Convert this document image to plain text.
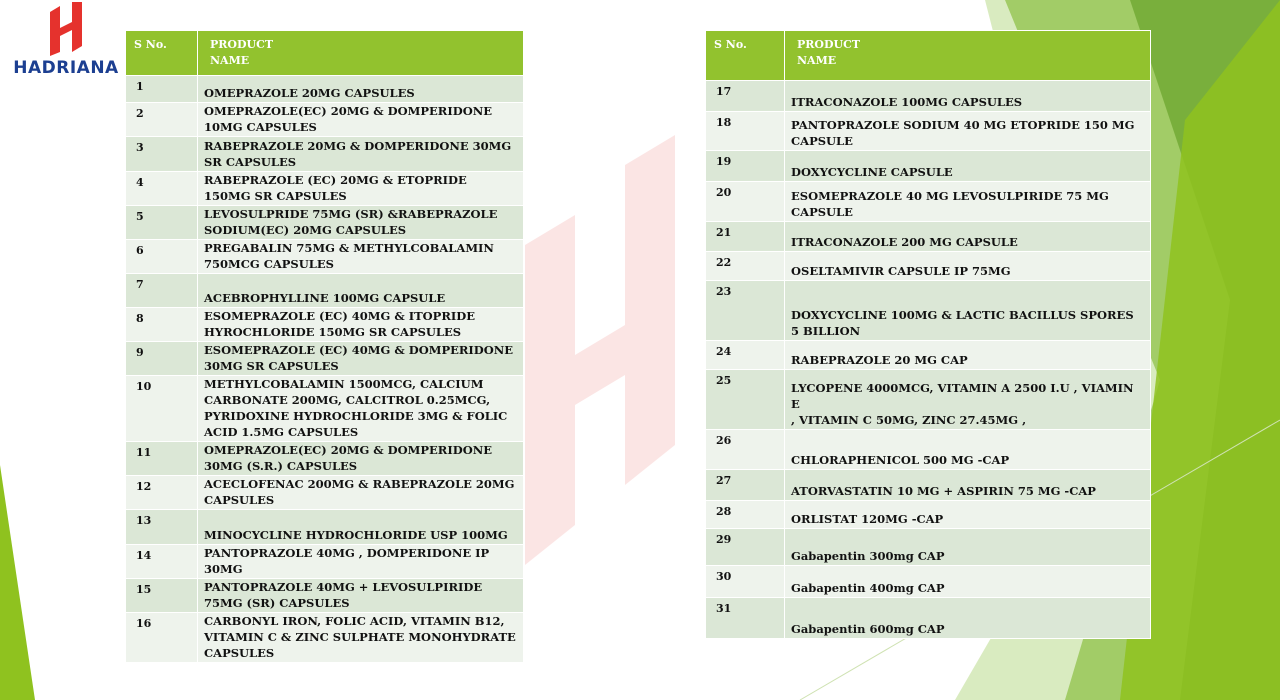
HADRIANA
S No.	PRODUCT
NAME
1	OMEPRAZOLE 20MG CAPSULES
2	OMEPRAZOLE(EC) 20MG & DOMPERIDONE 10MG CAPSULES
3	RABEPRAZOLE 20MG & DOMPERIDONE 30MG SR CAPSULES
4	RABEPRAZOLE (EC) 20MG & ETOPRIDE 150MG SR CAPSULES
5	LEVOSULPRIDE 75MG (SR) &RABEPRAZOLE SODIUM(EC) 20MG CAPSULES
6	PREGABALIN 75MG & METHYLCOBALAMIN 750MCG CAPSULES
7	ACEBROPHYLLINE 100MG CAPSULE
8	ESOMEPRAZOLE (EC) 40MG & ITOPRIDE HYROCHLORIDE 150MG SR CAPSULES
9	ESOMEPRAZOLE (EC) 40MG & DOMPERIDONE 30MG SR CAPSULES
10	METHYLCOBALAMIN 1500MCG, CALCIUM CARBONATE 200MG, CALCITROL 0.25MCG, PYRIDOXINE HYDROCHLORIDE 3MG & FOLIC ACID 1.5MG CAPSULES
11	OMEPRAZOLE(EC) 20MG & DOMPERIDONE 30MG (S.R.) CAPSULES
12	ACECLOFENAC 200MG & RABEPRAZOLE 20MG CAPSULES
13	MINOCYCLINE HYDROCHLORIDE USP 100MG
14	PANTOPRAZOLE 40MG , DOMPERIDONE IP 30MG
15	PANTOPRAZOLE 40MG + LEVOSULPIRIDE 75MG (SR) CAPSULES
16	CARBONYL IRON, FOLIC ACID, VITAMIN B12, VITAMIN C & ZINC SULPHATE MONOHYDRATE CAPSULES
S No.	PRODUCT
NAME
17	ITRACONAZOLE 100MG CAPSULES
18	PANTOPRAZOLE SODIUM 40 MG ETOPRIDE 150 MG CAPSULE
19	DOXYCYCLINE CAPSULE
20	ESOMEPRAZOLE 40 MG LEVOSULPIRIDE 75 MG CAPSULE
21	ITRACONAZOLE 200 MG CAPSULE
22	OSELTAMIVIR CAPSULE IP 75MG
23	DOXYCYCLINE 100MG & LACTIC BACILLUS SPORES
5 BILLION
24	RABEPRAZOLE 20 MG CAP
25	LYCOPENE 4000MCG, VITAMIN A 2500 I.U , VIAMIN E
, VITAMIN C 50MG, ZINC 27.45MG ,
26	CHLORAPHENICOL 500 MG -CAP
27	ATORVASTATIN 10 MG + ASPIRIN 75 MG -CAP
28	ORLISTAT 120MG -CAP
29	Gabapentin 300mg CAP
30	Gabapentin 400mg CAP
31	Gabapentin 600mg CAP
